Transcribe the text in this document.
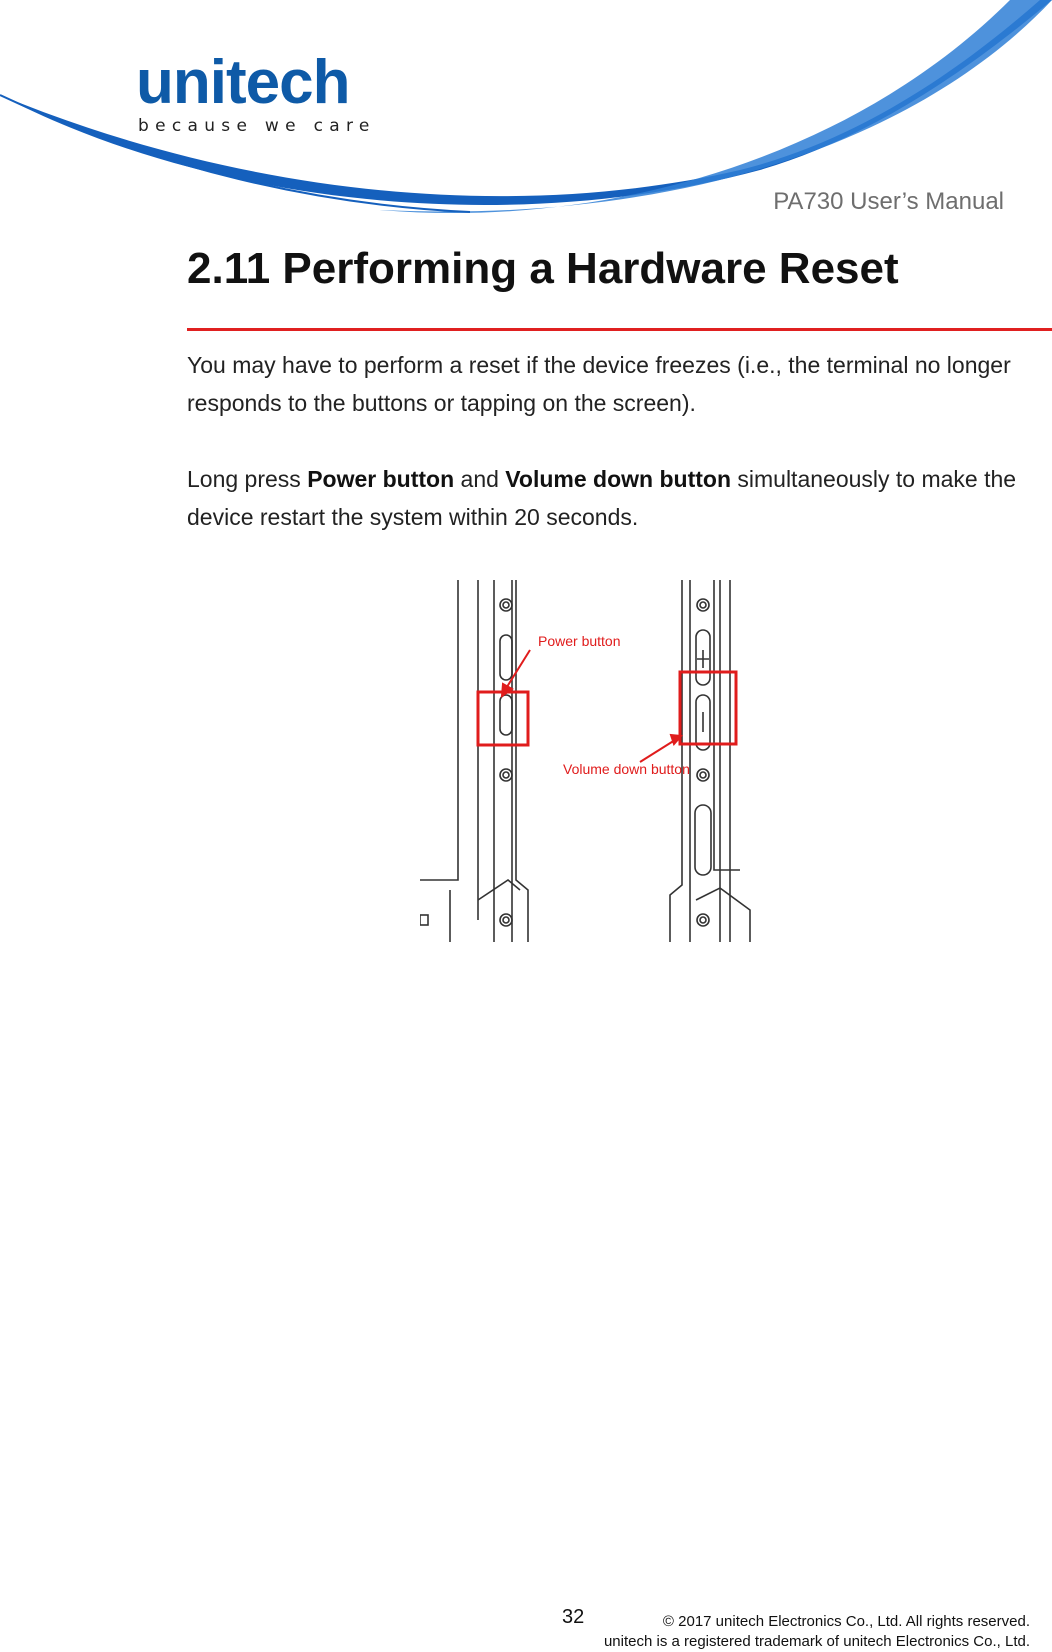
unitech
because we care
PA730 User’s Manual
2.11 Performing a Hardware Reset

You may have to perform a reset if the device freezes (i.e., the terminal no longer responds to the buttons or tapping on the screen).

Long press Power button and Volume down button simultaneously to make the device restart the system within 20 seconds.

Power button
Volume down button
32	© 2017 unitech Electronics Co., Ltd. All rights reserved.
unitech is a registered trademark of unitech Electronics Co., Ltd.
